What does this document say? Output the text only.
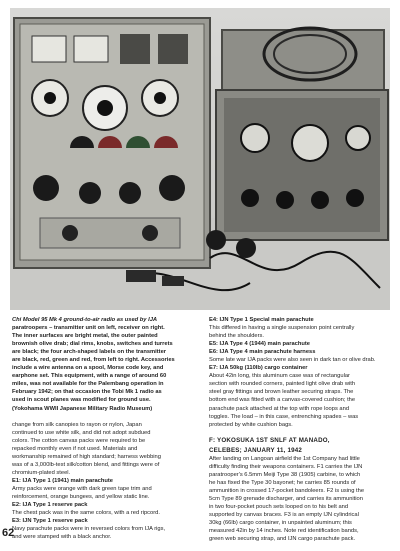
Chi Model 95 Mk 4 ground-to-air radio as used by IJA
paratroopers – transmitter unit on left, receiver on right.
The inner surfaces are bright metal, the outer painted
brownish olive drab; dial rims, knobs, switches and turrets
are black; the four arch-shaped labels on the transmitter
are black, red, green and red, from left to right. Accessories
include a wire antenna on a spool, Morse code key, and
earphone set. This equipment, with a range of around 60
miles, was not available for the Palembang operation in
February 1942; on that occasion the Tobi Mk 1 radio as
used in scout planes was modified for ground use.
(Yokohama WWII Japanese Military Radio Museum)

change from silk canopies to rayon or nylon, Japan

continued to use white silk, and did not adopt subdued

colors. The cotton canvas packs were required to be

repacked monthly even if not used. Materials and

workmanship remained of high standard; harness webbing

was of a 3,000lb-test silk/cotton blend, and fittings were of

chromium-plated steel.

E1: IJA Type 1 (1941) main parachute

Army packs were orange with dark green tape trim and

reinforcement, orange bungees, and yellow static line.

E2: IJA Type 1 reserve pack

The chest pack was in the same colors, with a red ripcord.

E3: IJN Type 1 reserve pack

Navy parachute packs were in reversed colors from IJA rigs,

and were stamped with a black anchor.

E4: IJN Type 1 Special main parachute

This differed in having a single suspension point centrally

behind the shoulders.

E5: IJA Type 4 (1944) main parachute

E6: IJA Type 4 main parachute harness

Some late war IJA packs were also seen in dark tan or olive drab.

E7: IJA 50kg (110lb) cargo container

About 42in long, this aluminum case was of rectangular

section with rounded corners, painted light olive drab with

steel gray fittings and brown leather securing straps. The

bottom end was fitted with a canvas-covered cushion; the

parachute pack attached at the top with rope loops and

toggles. The load – in this case, entrenching spades – was

protected by white cushion bags.

F: YOKOSUKA 1ST SNLF AT MANADO,

CELEBES; JANUARY 11, 1942

After landing on Langoan airfield the 1st Company had little

difficulty finding their weapons containers. F1 carries the IJN

paratrooper's 6.5mm Meiji Type 38 (1905) carbine, to which

he has fixed the Type 30 bayonet; he carries 85 rounds of

ammunition in crossed 17-pocket bandoleers. F2 is using the

5cm Type 89 grenade discharger, and carries its ammunition

in two four-pocket pouch sets looped on to his belt and

supported by canvas braces. F3 is an empty IJN cylindrical

30kg (66lb) cargo container, in unpainted aluminum; this

measured 42in by 14 inches. Note red identification bands,

green web securing strap, and IJN cargo parachute pack.

62
